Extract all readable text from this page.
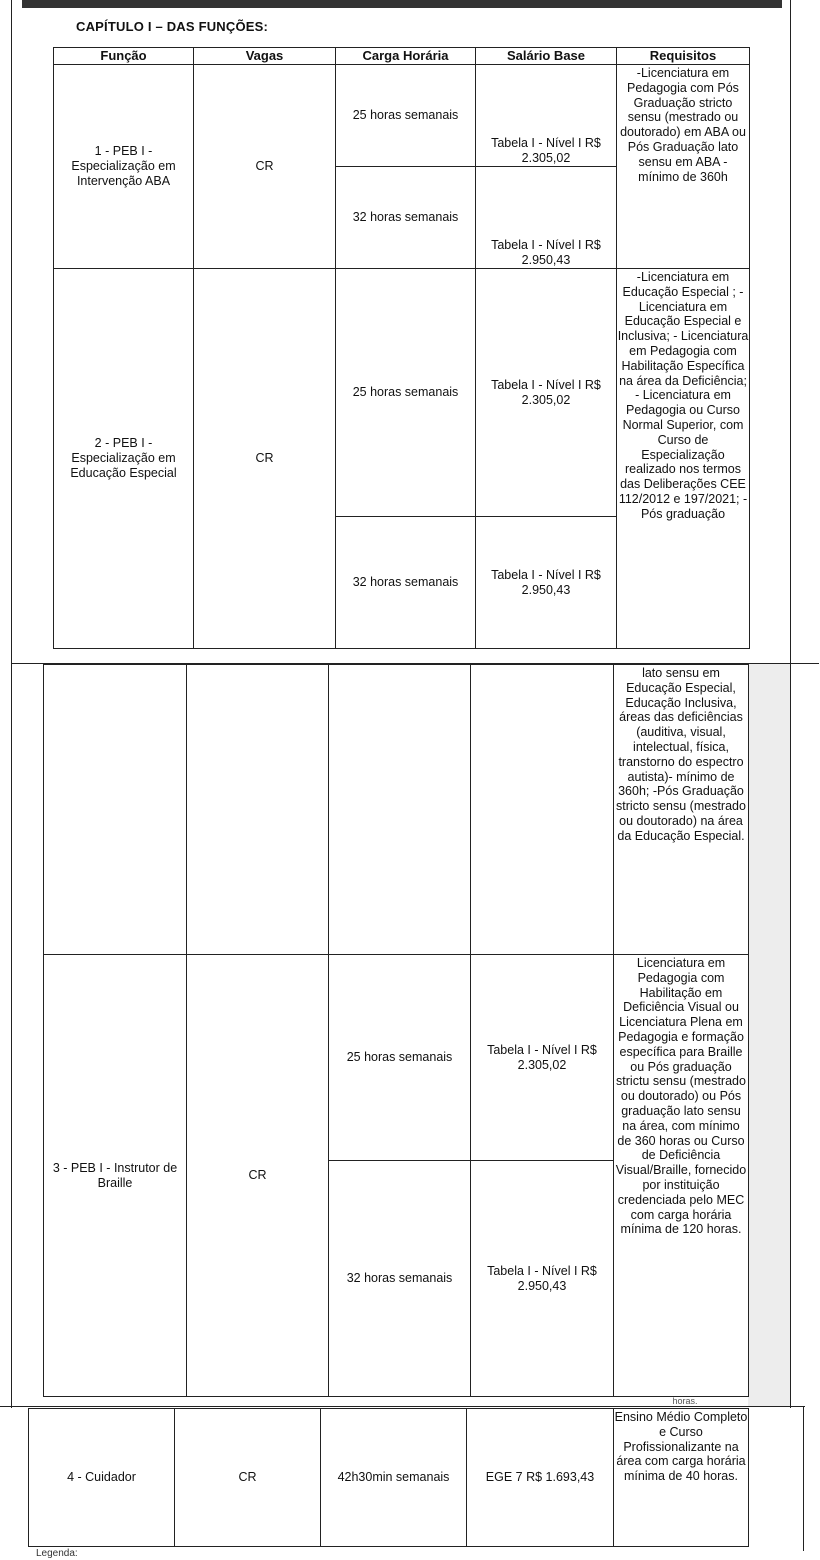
CAPÍTULO I – DAS FUNÇÕES:
Função	Vagas	Carga Horária	Salário Base	Requisitos
1 - PEB I - Especialização em Intervenção ABA	CR	25 horas semanais	Tabela I - Nível I R$ 2.305,02	-Licenciatura em Pedagogia com Pós Graduação stricto sensu (mestrado ou doutorado) em ABA ou Pós Graduação lato sensu em ABA - mínimo de 360h
		32 horas semanais	Tabela I - Nível I R$ 2.950,43	
2 - PEB I - Especialização em Educação Especial	CR	25 horas semanais	Tabela I - Nível I R$ 2.305,02	-Licenciatura em Educação Especial ; -Licenciatura em Educação Especial e Inclusiva; - Licenciatura em Pedagogia com Habilitação Específica na área da Deficiência; - Licenciatura em Pedagogia ou Curso Normal Superior, com Curso de Especialização realizado nos termos das Deliberações CEE 112/2012 e 197/2021; - Pós graduação
		32 horas semanais	Tabela I - Nível I R$ 2.950,43	
				lato sensu em Educação Especial, Educação Inclusiva, áreas das deficiências (auditiva, visual, intelectual, física, transtorno do espectro autista)- mínimo de 360h; -Pós Graduação stricto sensu (mestrado ou doutorado) na área da Educação Especial.
3 - PEB I - Instrutor de Braille	CR	25 horas semanais	Tabela I - Nível I R$ 2.305,02	Licenciatura em Pedagogia com Habilitação em Deficiência Visual ou Licenciatura Plena em Pedagogia e formação específica para Braille ou Pós graduação strictu sensu (mestrado ou doutorado) ou Pós graduação lato sensu na área, com mínimo de 360 horas ou Curso de Deficiência Visual/Braille, fornecido por instituição credenciada pelo MEC com carga horária mínima de 120 horas.
		32 horas semanais	Tabela I - Nível I R$ 2.950,43	
horas.
4 - Cuidador	CR	42h30min semanais	EGE 7 R$ 1.693,43	Ensino Médio Completo e Curso Profissionalizante na área com carga horária mínima de 40 horas.
Legenda:
